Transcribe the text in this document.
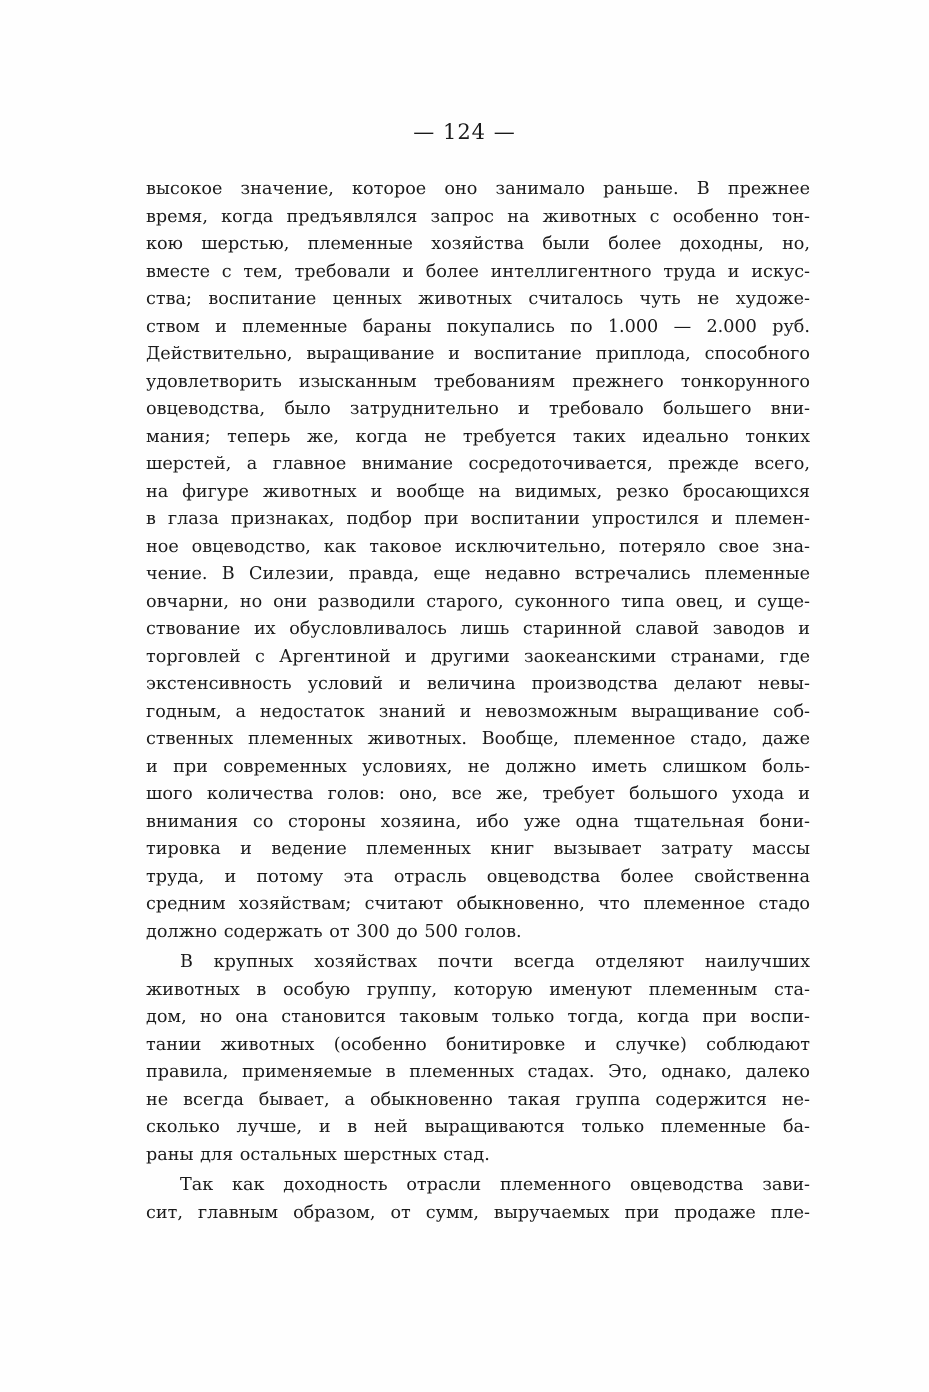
— 124 —
высокое значение, которое оно занимало раньше. В прежнее
время, когда предъявлялся запрос на животных с особенно тон-
кою шерстью, племенные хозяйства были более доходны, но,
вместе с тем, требовали и более интеллигентного труда и искус-
ства; воспитание ценных животных считалось чуть не художе-
ством и племенные бараны покупались по 1.000 — 2.000 руб.
Действительно, выращивание и воспитание приплода, способного
удовлетворить изысканным требованиям прежнего тонкорунного
овцеводства, было затруднительно и требовало большего вни-
мания; теперь же, когда не требуется таких идеально тонких
шерстей, а главное внимание сосредоточивается, прежде всего,
на фигуре животных и вообще на видимых, резко бросающихся
в глаза признаках, подбор при воспитании упростился и племен-
ное овцеводство, как таковое исключительно, потеряло свое зна-
чение. В Силезии, правда, еще недавно встречались племенные
овчарни, но они разводили старого, суконного типа овец, и суще-
ствование их обусловливалось лишь старинной славой заводов и
торговлей с Аргентиной и другими заокеанскими странами, где
экстенсивность условий и величина производства делают невы-
годным, а недостаток знаний и невозможным выращивание соб-
ственных племенных животных. Вообще, племенное стадо, даже
и при современных условиях, не должно иметь слишком боль-
шого количества голов: оно, все же, требует большого ухода и
внимания со стороны хозяина, ибо уже одна тщательная бони-
тировка и ведение племенных книг вызывает затрату массы
труда, и потому эта отрасль овцеводства более свойственна
средним хозяйствам; считают обыкновенно, что племенное стадо
должно содержать от 300 до 500 голов.
В крупных хозяйствах почти всегда отделяют наилучших
животных в особую группу, которую именуют племенным ста-
дом, но она становится таковым только тогда, когда при воспи-
тании животных (особенно бонитировке и случке) соблюдают
правила, применяемые в племенных стадах. Это, однако, далеко
не всегда бывает, а обыкновенно такая группа содержится не-
сколько лучше, и в ней выращиваются только племенные ба-
раны для остальных шерстных стад.
Так как доходность отрасли племенного овцеводства зави-
сит, главным образом, от сумм, выручаемых при продаже пле-
